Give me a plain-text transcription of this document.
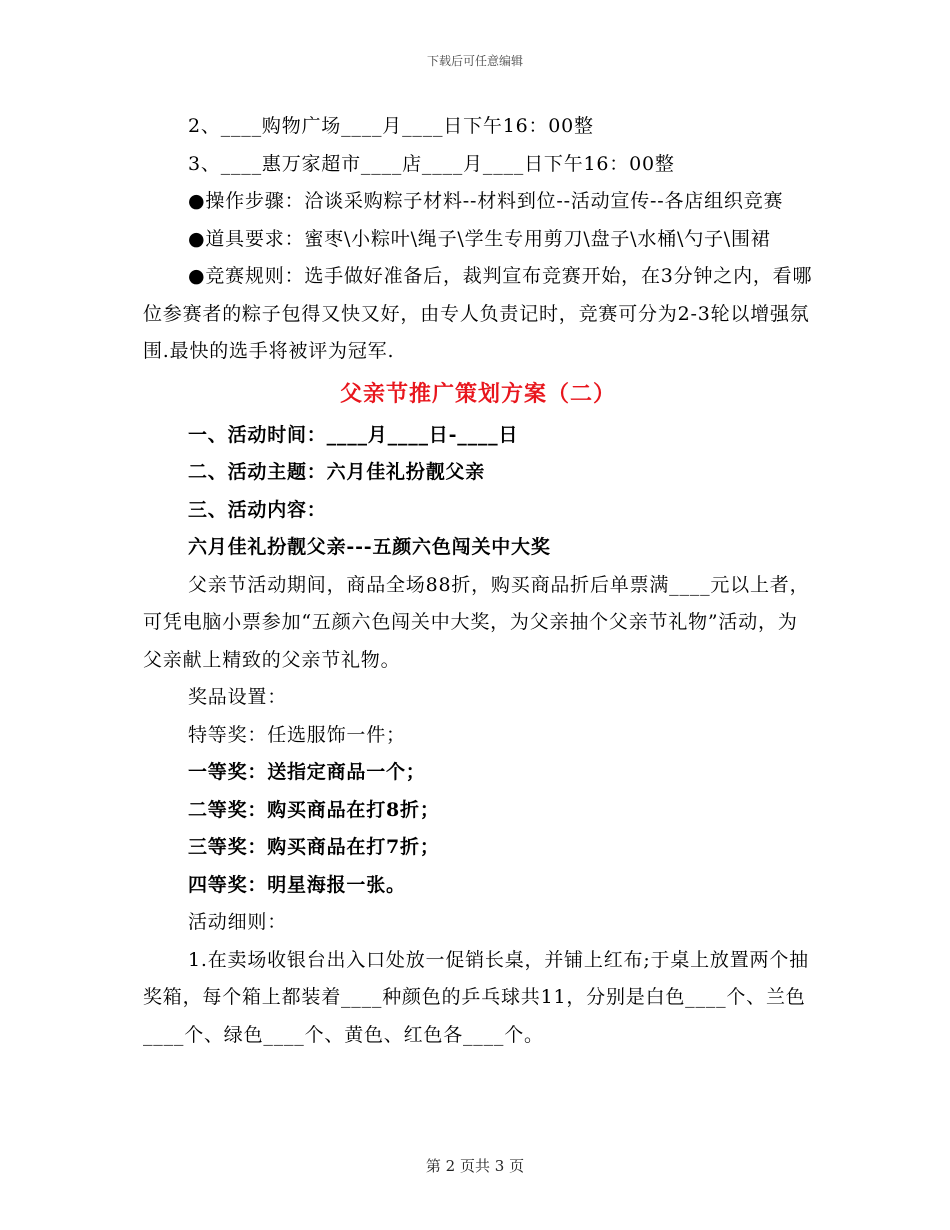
下载后可任意编辑

2、____购物广场____月____日下午16：00整

3、____惠万家超市____店____月____日下午16：00整

●操作步骤：洽谈采购粽子材料--材料到位--活动宣传--各店组织竞赛

●道具要求：蜜枣\小粽叶\绳子\学生专用剪刀\盘子\水桶\勺子\围裙

●竞赛规则：选手做好准备后，裁判宣布竞赛开始，在3分钟之内，看哪位参赛者的粽子包得又快又好，由专人负责记时，竞赛可分为2-3轮以增强氛围.最快的选手将被评为冠军.

父亲节推广策划方案（二）

一、活动时间：____月____日-____日

二、活动主题：六月佳礼扮靓父亲

三、活动内容：

六月佳礼扮靓父亲---五颜六色闯关中大奖

父亲节活动期间，商品全场88折，购买商品折后单票满____元以上者，可凭电脑小票参加“五颜六色闯关中大奖，为父亲抽个父亲节礼物”活动，为父亲献上精致的父亲节礼物。

奖品设置：

特等奖：任选服饰一件；

一等奖：送指定商品一个；

二等奖：购买商品在打8折；

三等奖：购买商品在打7折；

四等奖：明星海报一张。

活动细则：

1.在卖场收银台出入口处放一促销长桌，并铺上红布;于桌上放置两个抽奖箱，每个箱上都装着____种颜色的乒乓球共11，分别是白色____个、兰色____个、绿色____个、黄色、红色各____个。

第 2 页共 3 页
